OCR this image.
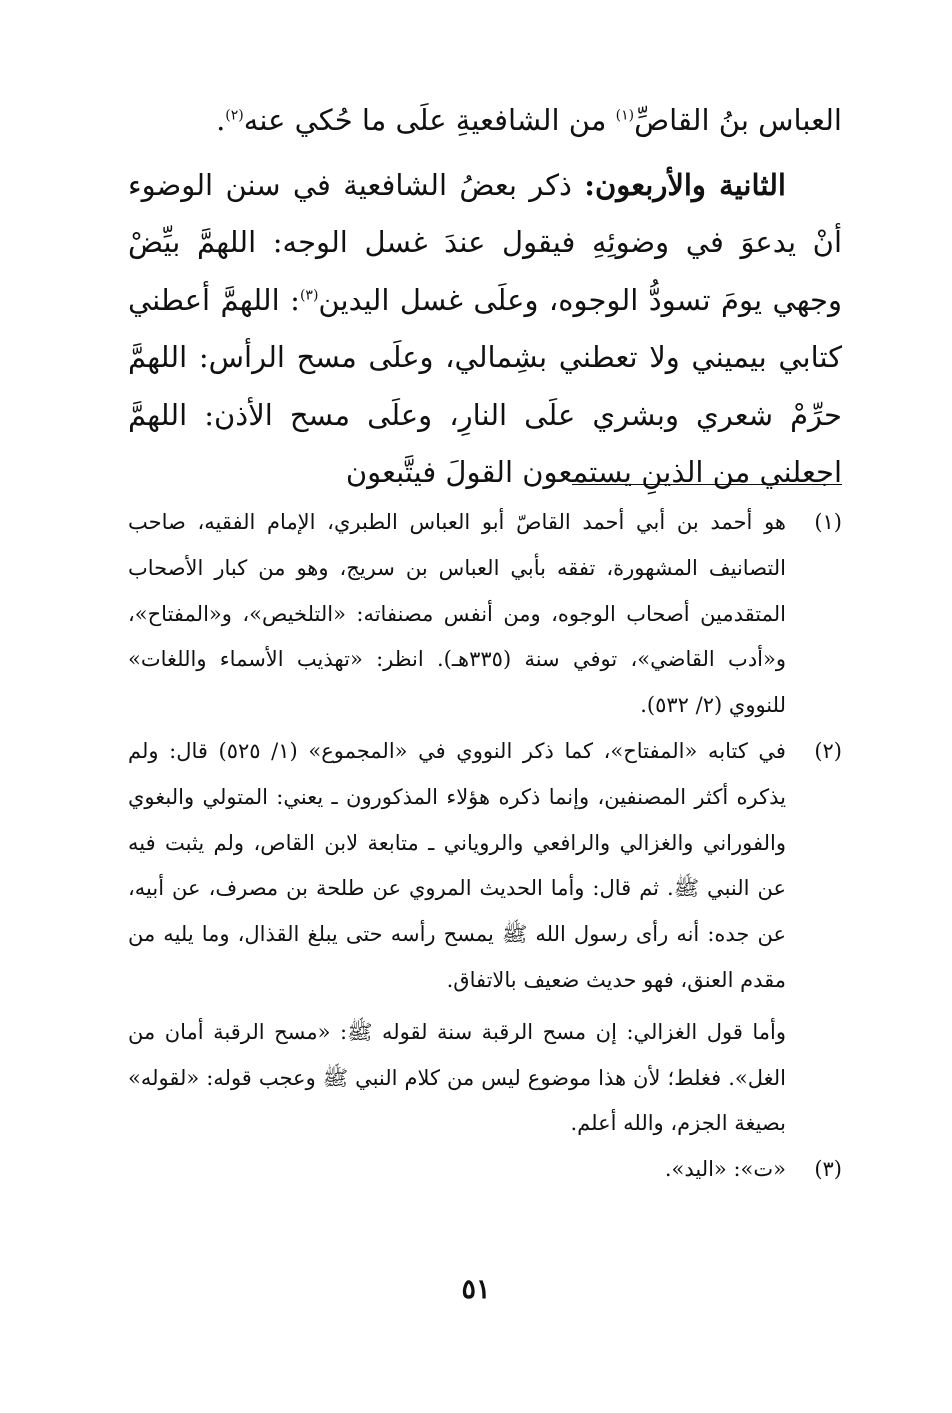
العباس بنُ القاصِّ$^{(١)}$ من الشافعيةِ علَى ما حُكي عنه$^{(٢)}$.

الثانية والأربعون: ذكر بعضُ الشافعية في سنن الوضوء أنْ يدعوَ في وضوئِهِ فيقول عندَ غسل الوجه: اللهمَّ بيِّضْ وجهي يومَ تسودُّ الوجوه، وعلَى غسل اليدين$^{(٣)}$: اللهمَّ أعطني كتابي بيميني ولا تعطني بشِمالي، وعلَى مسح الرأس: اللهمَّ حرِّمْ شعري وبشري علَى النارِ، وعلَى مسح الأذن: اللهمَّ اجعلني من الذينِ يستمعون القولَ فيتَّبعون

(١)

هو أحمد بن أبي أحمد القاصّ أبو العباس الطبري، الإمام الفقيه، صاحب التصانيف المشهورة، تفقه بأبي العباس بن سريج، وهو من كبار الأصحاب المتقدمين أصحاب الوجوه، ومن أنفس مصنفاته: «التلخيص»، و«المفتاح»، و«أدب القاضي»، توفي سنة (٣٣٥هـ). انظر: «تهذيب الأسماء واللغات» للنووي (٢/ ٥٣٢).

(٢)

في كتابه «المفتاح»، كما ذكر النووي في «المجموع» (١/ ٥٢٥) قال: ولم يذكره أكثر المصنفين، وإنما ذكره هؤلاء المذكورون ـ يعني: المتولي والبغوي والفوراني والغزالي والرافعي والروياني ـ متابعة لابن القاص، ولم يثبت فيه عن النبي ﷺ. ثم قال: وأما الحديث المروي عن طلحة بن مصرف، عن أبيه، عن جده: أنه رأى رسول الله ﷺ يمسح رأسه حتى يبلغ القذال، وما يليه من مقدم العنق، فهو حديث ضعيف بالاتفاق.

وأما قول الغزالي: إن مسح الرقبة سنة لقوله ﷺ: «مسح الرقبة أمان من الغل». فغلط؛ لأن هذا موضوع ليس من كلام النبي ﷺ وعجب قوله: «لقوله» بصيغة الجزم، والله أعلم.

(٣)

«ت»: «اليد».

٥١
